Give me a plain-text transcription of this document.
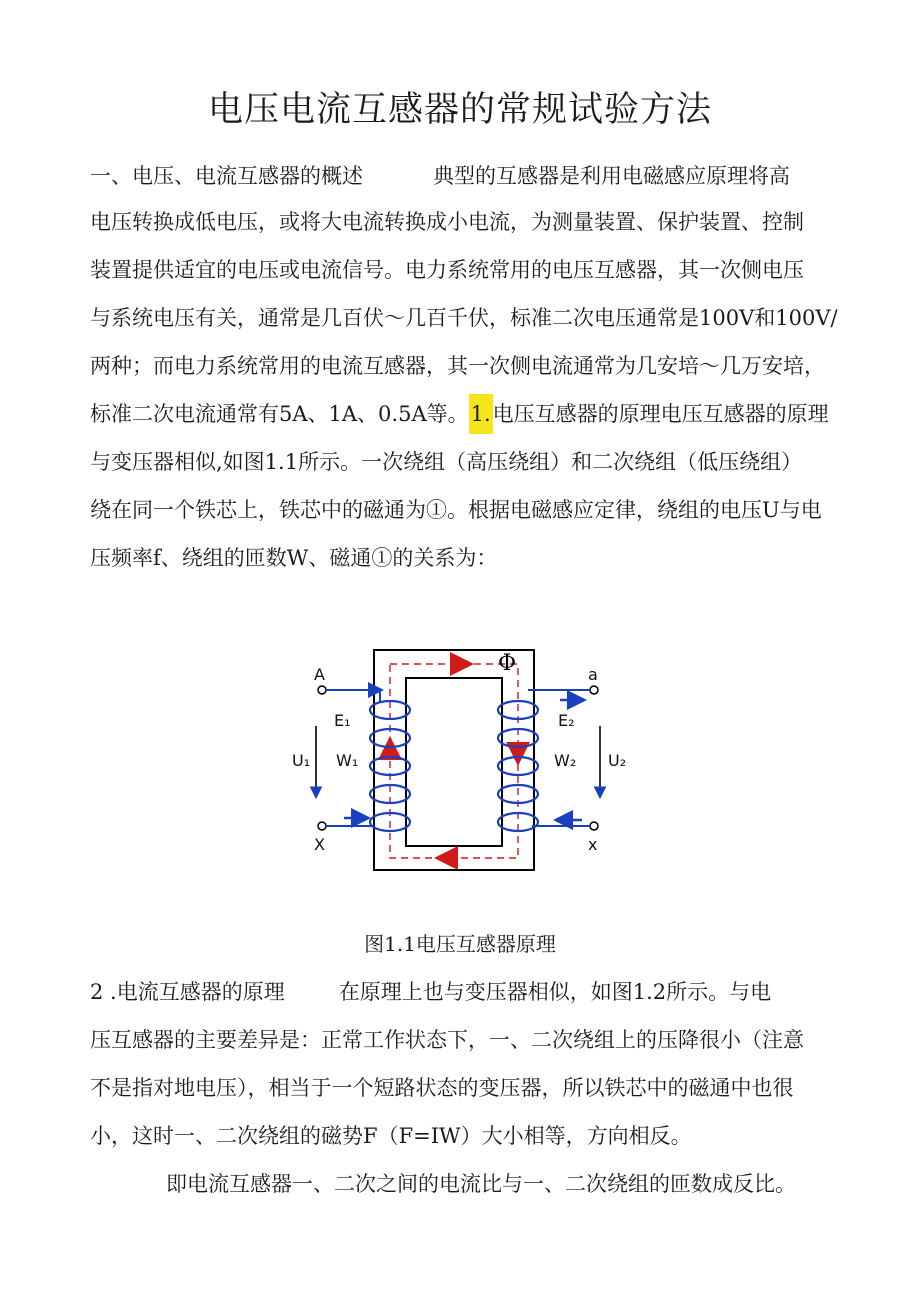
电压电流互感器的常规试验方法
一、电压、电流互感器的概述	典型的互感器是利用电磁感应原理将高
电压转换成低电压，或将大电流转换成小电流，为测量装置、保护装置、控制
装置提供适宜的电压或电流信号。电力系统常用的电压互感器，其一次侧电压
与系统电压有关，通常是几百伏～几百千伏，标准二次电压通常是100V和100V/
两种；而电力系统常用的电流互感器，其一次侧电流通常为几安培～几万安培，
标准二次电流通常有5A、1A、0.5A等。1.电压互感器的原理电压互感器的原理
与变压器相似,如图1.1所示。一次绕组（高压绕组）和二次绕组（低压绕组）
绕在同一个铁芯上，铁芯中的磁通为①。根据电磁感应定律，绕组的电压U与电
压频率f、绕组的匝数W、磁通①的关系为：
Φ
A
X
a
x
E₁	E₂
W₁	W₂
U₁	U₂
图1.1电压互感器原理
2 .电流互感器的原理	在原理上也与变压器相似，如图1.2所示。与电
压互感器的主要差异是：正常工作状态下，一、二次绕组上的压降很小（注意
不是指对地电压），相当于一个短路状态的变压器，所以铁芯中的磁通中也很
小，这时一、二次绕组的磁势F（F=IW）大小相等，方向相反。
即电流互感器一、二次之间的电流比与一、二次绕组的匝数成反比。
